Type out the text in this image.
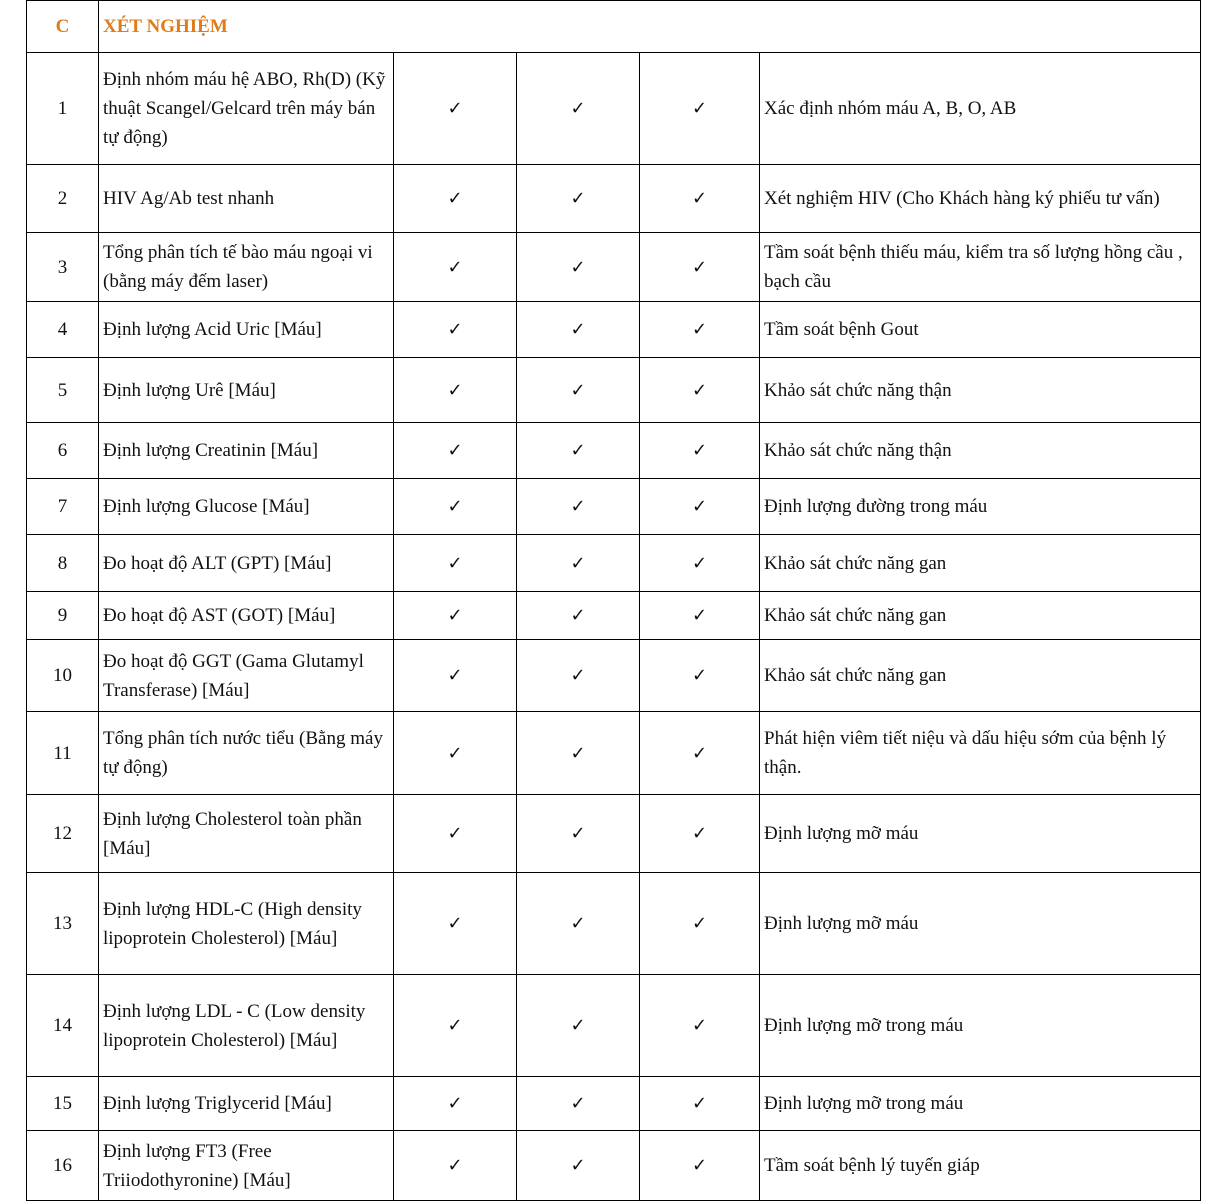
C	XÉT NGHIỆM				
1	Định nhóm máu hệ ABO, Rh(D) (Kỹ thuật Scangel/Gelcard trên máy bán tự động)	✓	✓	✓	Xác định nhóm máu A, B, O, AB
2	HIV Ag/Ab test nhanh	✓	✓	✓	Xét nghiệm HIV (Cho Khách hàng ký phiếu tư vấn)
3	Tổng phân tích tế bào máu ngoại vi (bằng máy đếm laser)	✓	✓	✓	Tầm soát bệnh thiếu máu, kiểm tra số lượng hồng cầu , bạch cầu
4	Định lượng Acid Uric [Máu]	✓	✓	✓	Tầm soát bệnh Gout
5	Định lượng Urê [Máu]	✓	✓	✓	Khảo sát chức năng thận
6	Định lượng Creatinin [Máu]	✓	✓	✓	Khảo sát chức năng thận
7	Định lượng Glucose [Máu]	✓	✓	✓	Định lượng đường trong máu
8	Đo hoạt độ ALT (GPT) [Máu]	✓	✓	✓	Khảo sát chức năng gan
9	Đo hoạt độ AST (GOT) [Máu]	✓	✓	✓	Khảo sát chức năng gan
10	Đo hoạt độ GGT (Gama Glutamyl Transferase) [Máu]	✓	✓	✓	Khảo sát chức năng gan
11	Tổng phân tích nước tiểu (Bằng máy tự động)	✓	✓	✓	Phát hiện viêm tiết niệu và dấu hiệu sớm của bệnh lý thận.
12	Định lượng Cholesterol toàn phần [Máu]	✓	✓	✓	Định lượng mỡ máu
13	Định lượng HDL-C (High density lipoprotein Cholesterol) [Máu]	✓	✓	✓	Định lượng mỡ máu
14	Định lượng LDL - C (Low density lipoprotein Cholesterol) [Máu]	✓	✓	✓	Định lượng mỡ trong máu
15	Định lượng Triglycerid [Máu]	✓	✓	✓	Định lượng mỡ trong máu
16	Định lượng FT3 (Free Triiodothyronine) [Máu]	✓	✓	✓	Tầm soát bệnh lý tuyến giáp
